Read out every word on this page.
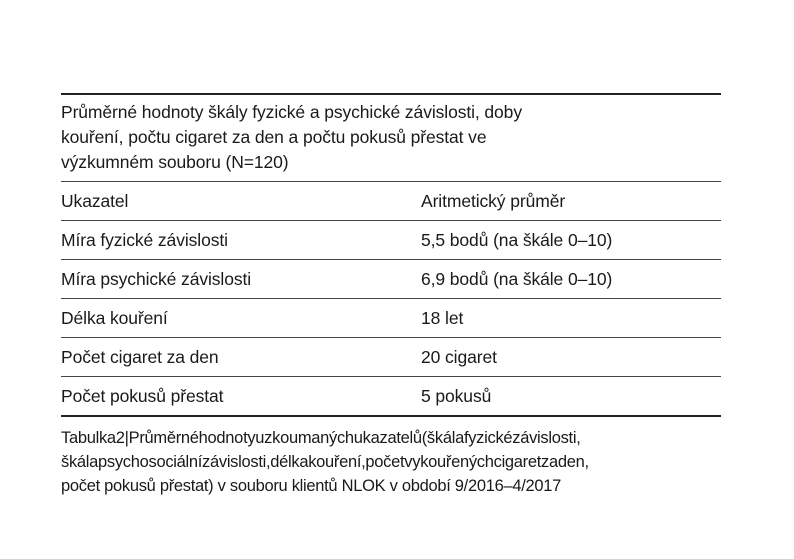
Průměrné hodnoty škály fyzické a psychické závislosti, doby
kouření, počtu cigaret za den a počtu pokusů přestat ve
výzkumném souboru (N=120)
Ukazatel	Aritmetický průměr
Míra fyzické závislosti	5,5 bodů (na škále 0–10)
Míra psychické závislosti	6,9 bodů (na škále 0–10)
Délka kouření	18 let
Počet cigaret za den	20 cigaret
Počet pokusů přestat	5 pokusů
Tabulka2|Průměrnéhodnotyuzkoumanýchukazatelů(škálafyzickézávislosti,
škálapsychosociálnízávislosti,délkakouření,početvykouřenýchcigaretzaden,
počet pokusů přestat) v souboru klientů NLOK v období 9/2016–4/2017
